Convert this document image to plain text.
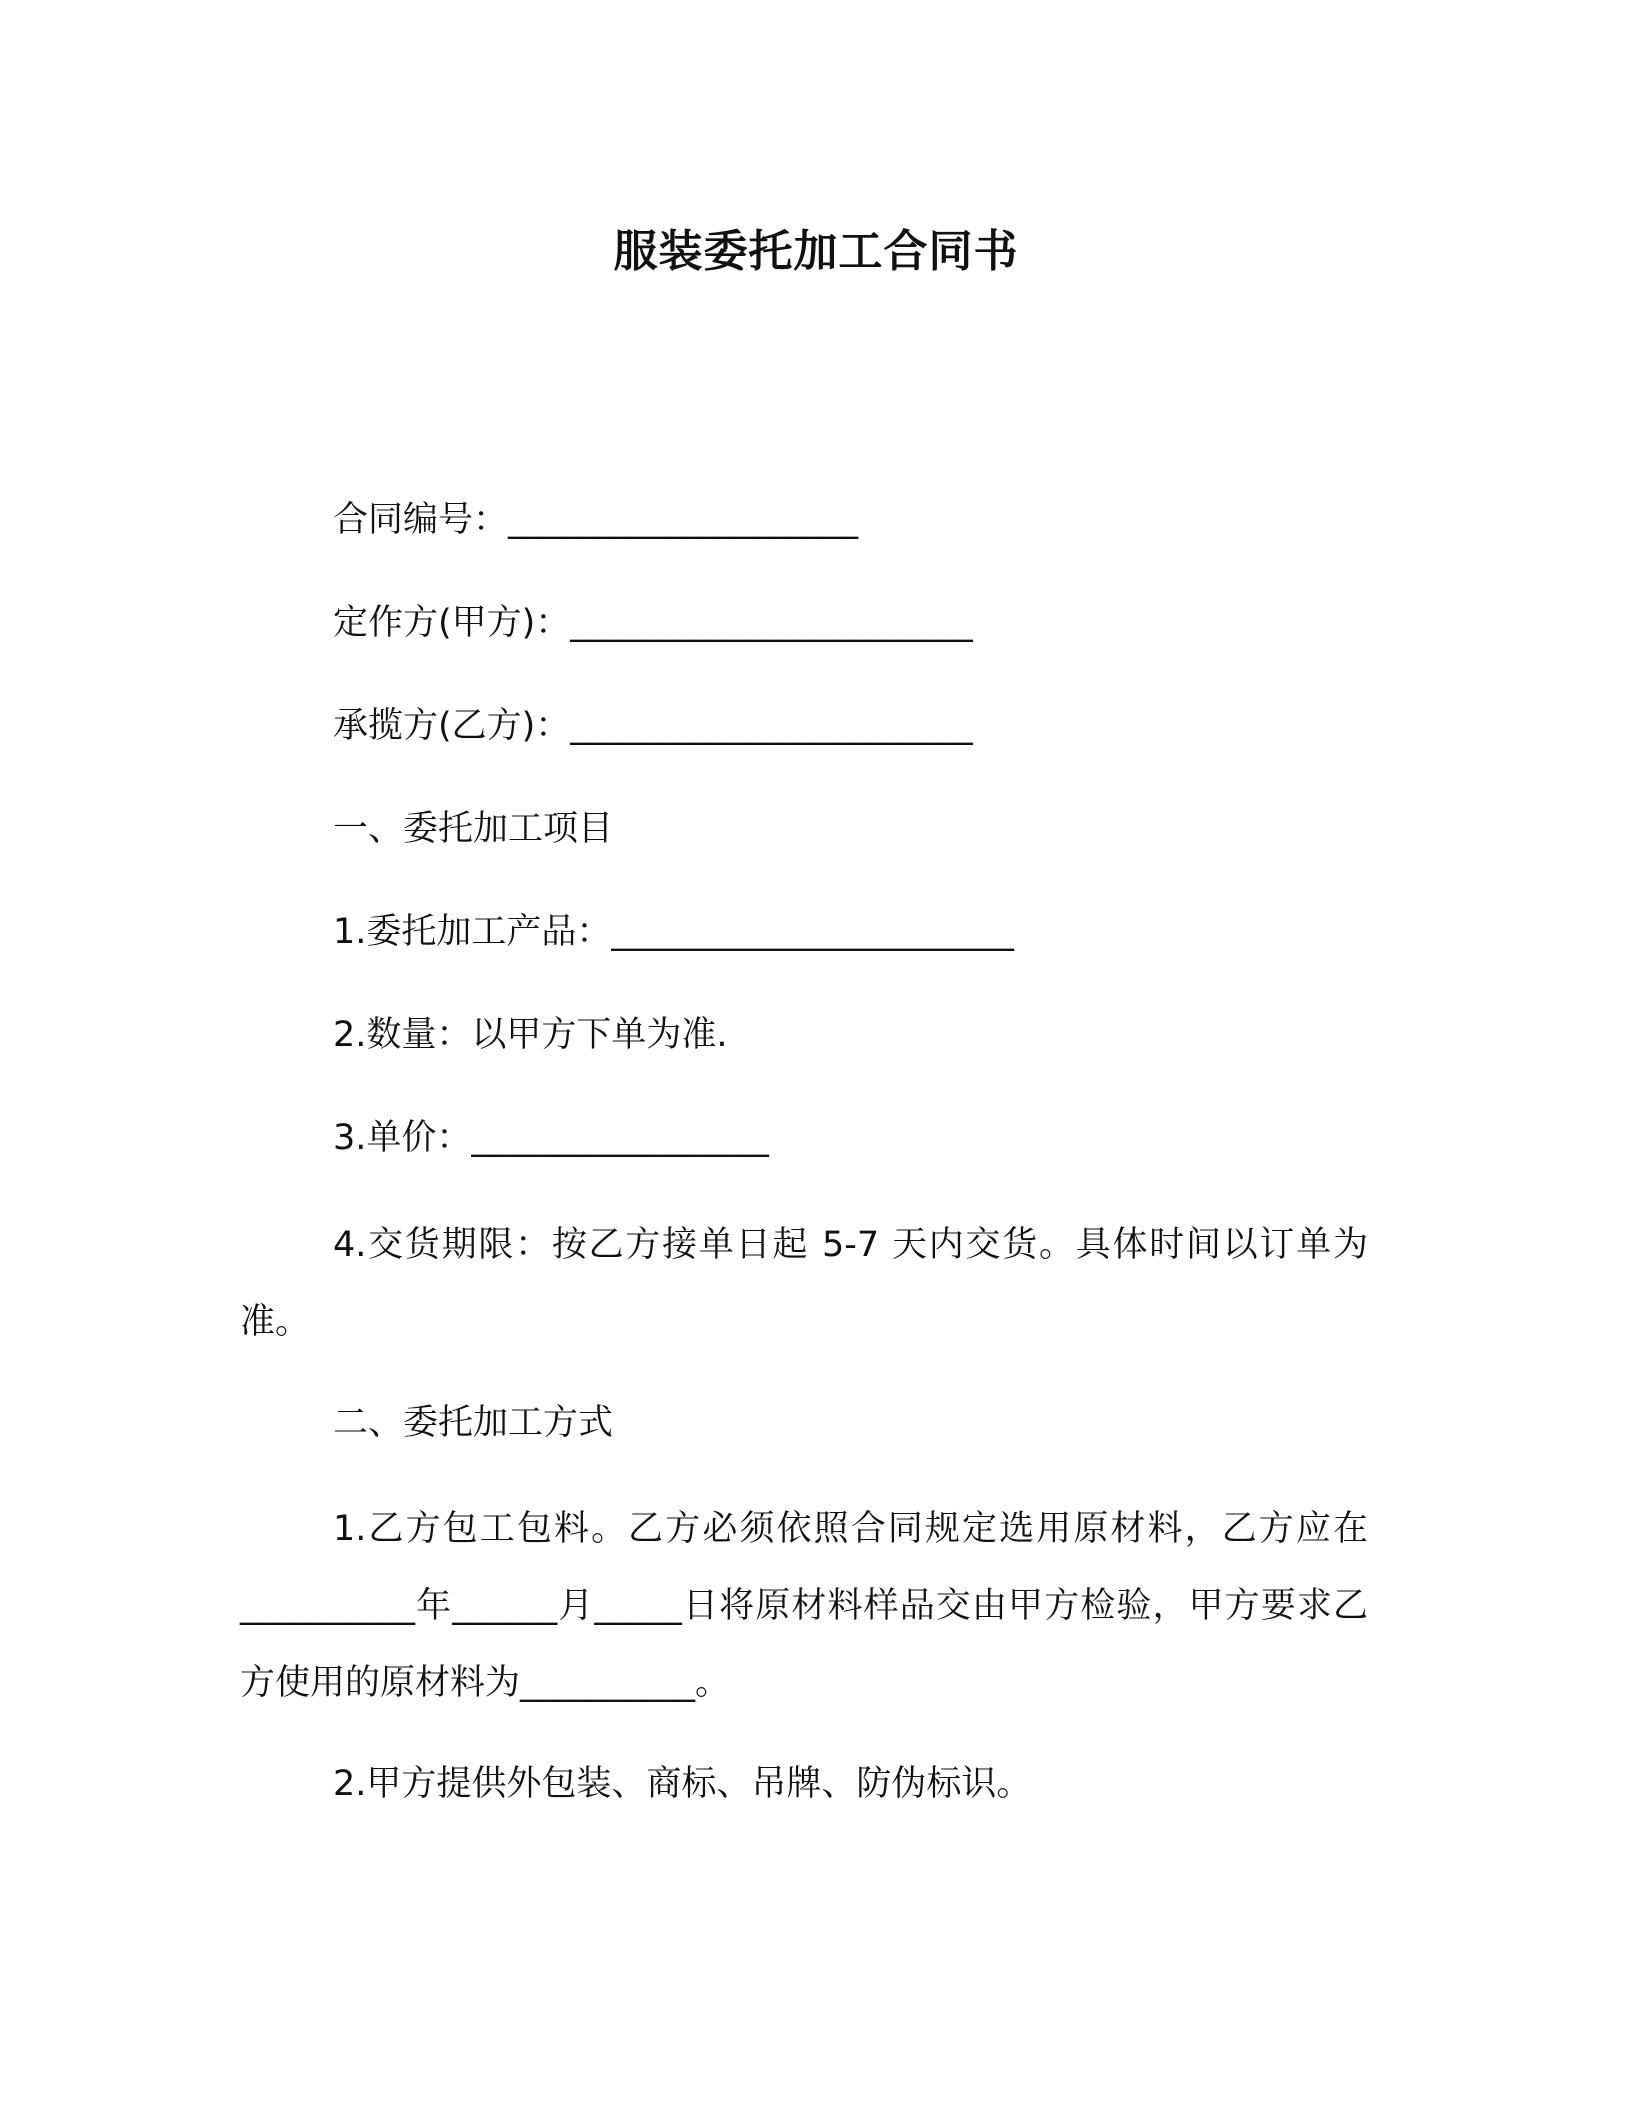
服装委托加工合同书
合同编号：____________________
定作方(甲方)：_______________________
承揽方(乙方)：_______________________
一、委托加工项目
1.委托加工产品：_______________________
2.数量：以甲方下单为准.
3.单价：_________________
4.交货期限：按乙方接单日起 5-7 天内交货。具体时间以订单为准。
二、委托加工方式
1.乙方包工包料。乙方必须依照合同规定选用原材料，乙方应在__________年______月_____日将原材料样品交由甲方检验，甲方要求乙方使用的原材料为__________。
2.甲方提供外包装、商标、吊牌、防伪标识。
